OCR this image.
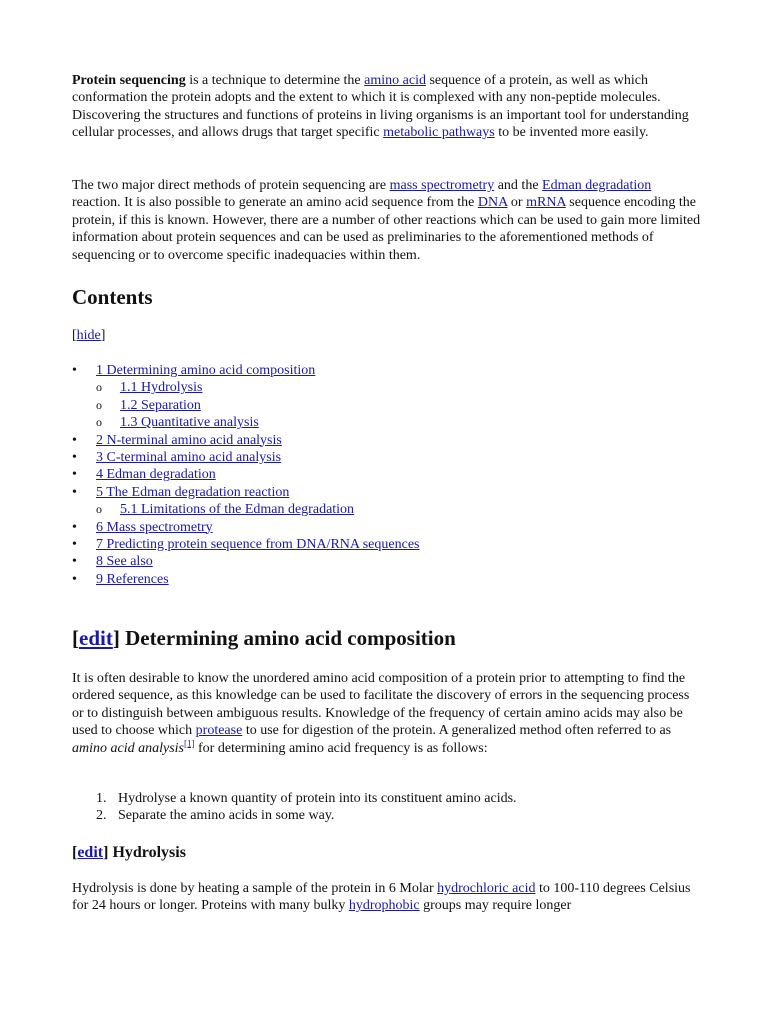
Protein sequencing is a technique to determine the amino acid sequence of a protein, as well as which conformation the protein adopts and the extent to which it is complexed with any non-peptide molecules. Discovering the structures and functions of proteins in living organisms is an important tool for understanding cellular processes, and allows drugs that target specific metabolic pathways to be invented more easily.

The two major direct methods of protein sequencing are mass spectrometry and the Edman degradation reaction. It is also possible to generate an amino acid sequence from the DNA or mRNA sequence encoding the protein, if this is known. However, there are a number of other reactions which can be used to gain more limited information about protein sequences and can be used as preliminaries to the aforementioned methods of sequencing or to overcome specific inadequacies within them.

Contents
[hide]
•	1 Determining amino acid composition
o 1.1 Hydrolysis
o 1.2 Separation
o 1.3 Quantitative analysis
•	2 N-terminal amino acid analysis
•	3 C-terminal amino acid analysis
•	4 Edman degradation
•	5 The Edman degradation reaction
o 5.1 Limitations of the Edman degradation
•	6 Mass spectrometry
•	7 Predicting protein sequence from DNA/RNA sequences
•	8 See also
•	9 References
[edit] Determining amino acid composition

It is often desirable to know the unordered amino acid composition of a protein prior to attempting to find the ordered sequence, as this knowledge can be used to facilitate the discovery of errors in the sequencing process or to distinguish between ambiguous results. Knowledge of the frequency of certain amino acids may also be used to choose which protease to use for digestion of the protein. A generalized method often referred to as amino acid analysis[1] for determining amino acid frequency is as follows:

1. Hydrolyse a known quantity of protein into its constituent amino acids.
2. Separate the amino acids in some way.
[edit] Hydrolysis

Hydrolysis is done by heating a sample of the protein in 6 Molar hydrochloric acid to 100-110 degrees Celsius for 24 hours or longer. Proteins with many bulky hydrophobic groups may require longer
